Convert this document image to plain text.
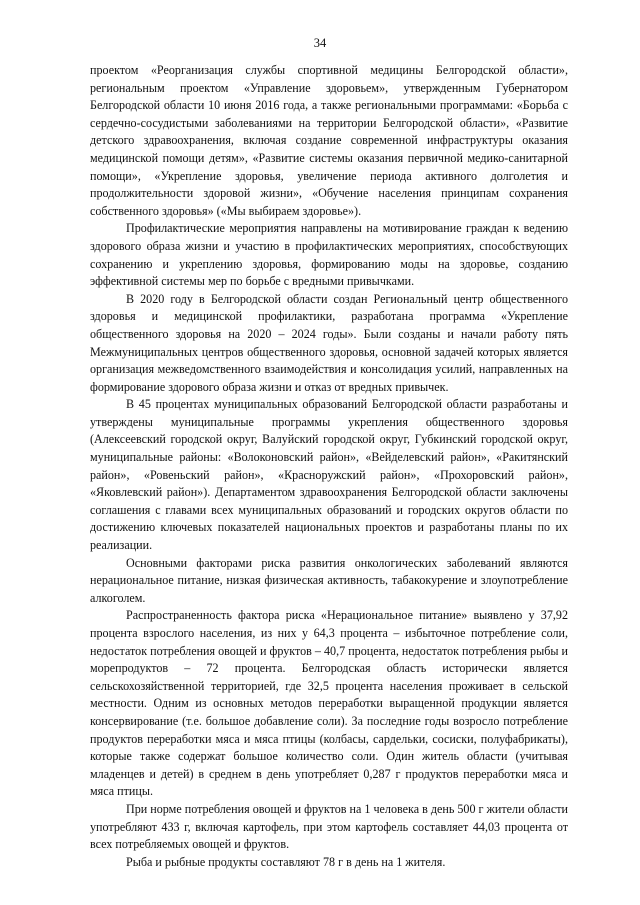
34

проектом «Реорганизация службы спортивной медицины Белгородской области», региональным проектом «Управление здоровьем», утвержденным Губернатором Белгородской области 10 июня 2016 года, а также региональными программами: «Борьба с сердечно-сосудистыми заболеваниями на территории Белгородской области», «Развитие детского здравоохранения, включая создание современной инфраструктуры оказания медицинской помощи детям», «Развитие системы оказания первичной медико-санитарной помощи», «Укрепление здоровья, увеличение периода активного долголетия и продолжительности здоровой жизни», «Обучение населения принципам сохранения собственного здоровья» («Мы выбираем здоровье»).

Профилактические мероприятия направлены на мотивирование граждан к ведению здорового образа жизни и участию в профилактических мероприятиях, способствующих сохранению и укреплению здоровья, формированию моды на здоровье, созданию эффективной системы мер по борьбе с вредными привычками.

В 2020 году в Белгородской области создан Региональный центр общественного здоровья и медицинской профилактики, разработана программа «Укрепление общественного здоровья на 2020 – 2024 годы». Были созданы и начали работу пять Межмуниципальных центров общественного здоровья, основной задачей которых является организация межведомственного взаимодействия и консолидация усилий, направленных на формирование здорового образа жизни и отказ от вредных привычек.

В 45 процентах муниципальных образований Белгородской области разработаны и утверждены муниципальные программы укрепления общественного здоровья (Алексеевский городской округ, Валуйский городской округ, Губкинский городской округ, муниципальные районы: «Волоконовский район», «Вейделевский район», «Ракитянский район», «Ровеньский район», «Красноружский район», «Прохоровский район», «Яковлевский район»). Департаментом здравоохранения Белгородской области заключены соглашения с главами всех муниципальных образований и городских округов области по достижению ключевых показателей национальных проектов и разработаны планы по их реализации.

Основными факторами риска развития онкологических заболеваний являются нерациональное питание, низкая физическая активность, табакокурение и злоупотребление алкоголем.

Распространенность фактора риска «Нерациональное питание» выявлено у 37,92 процента взрослого населения, из них у 64,3 процента – избыточное потребление соли, недостаток потребления овощей и фруктов – 40,7 процента, недостаток потребления рыбы и морепродуктов – 72 процента. Белгородская область исторически является сельскохозяйственной территорией, где 32,5 процента населения проживает в сельской местности. Одним из основных методов переработки выращенной продукции является консервирование (т.е. большое добавление соли). За последние годы возросло потребление продуктов переработки мяса и мяса птицы (колбасы, сардельки, сосиски, полуфабрикаты), которые также содержат большое количество соли. Один житель области (учитывая младенцев и детей) в среднем в день употребляет 0,287 г продуктов переработки мяса и мяса птицы.

При норме потребления овощей и фруктов на 1 человека в день 500 г жители области употребляют 433 г, включая картофель, при этом картофель составляет 44,03 процента от всех потребляемых овощей и фруктов.

Рыба и рыбные продукты составляют 78 г в день на 1 жителя.
